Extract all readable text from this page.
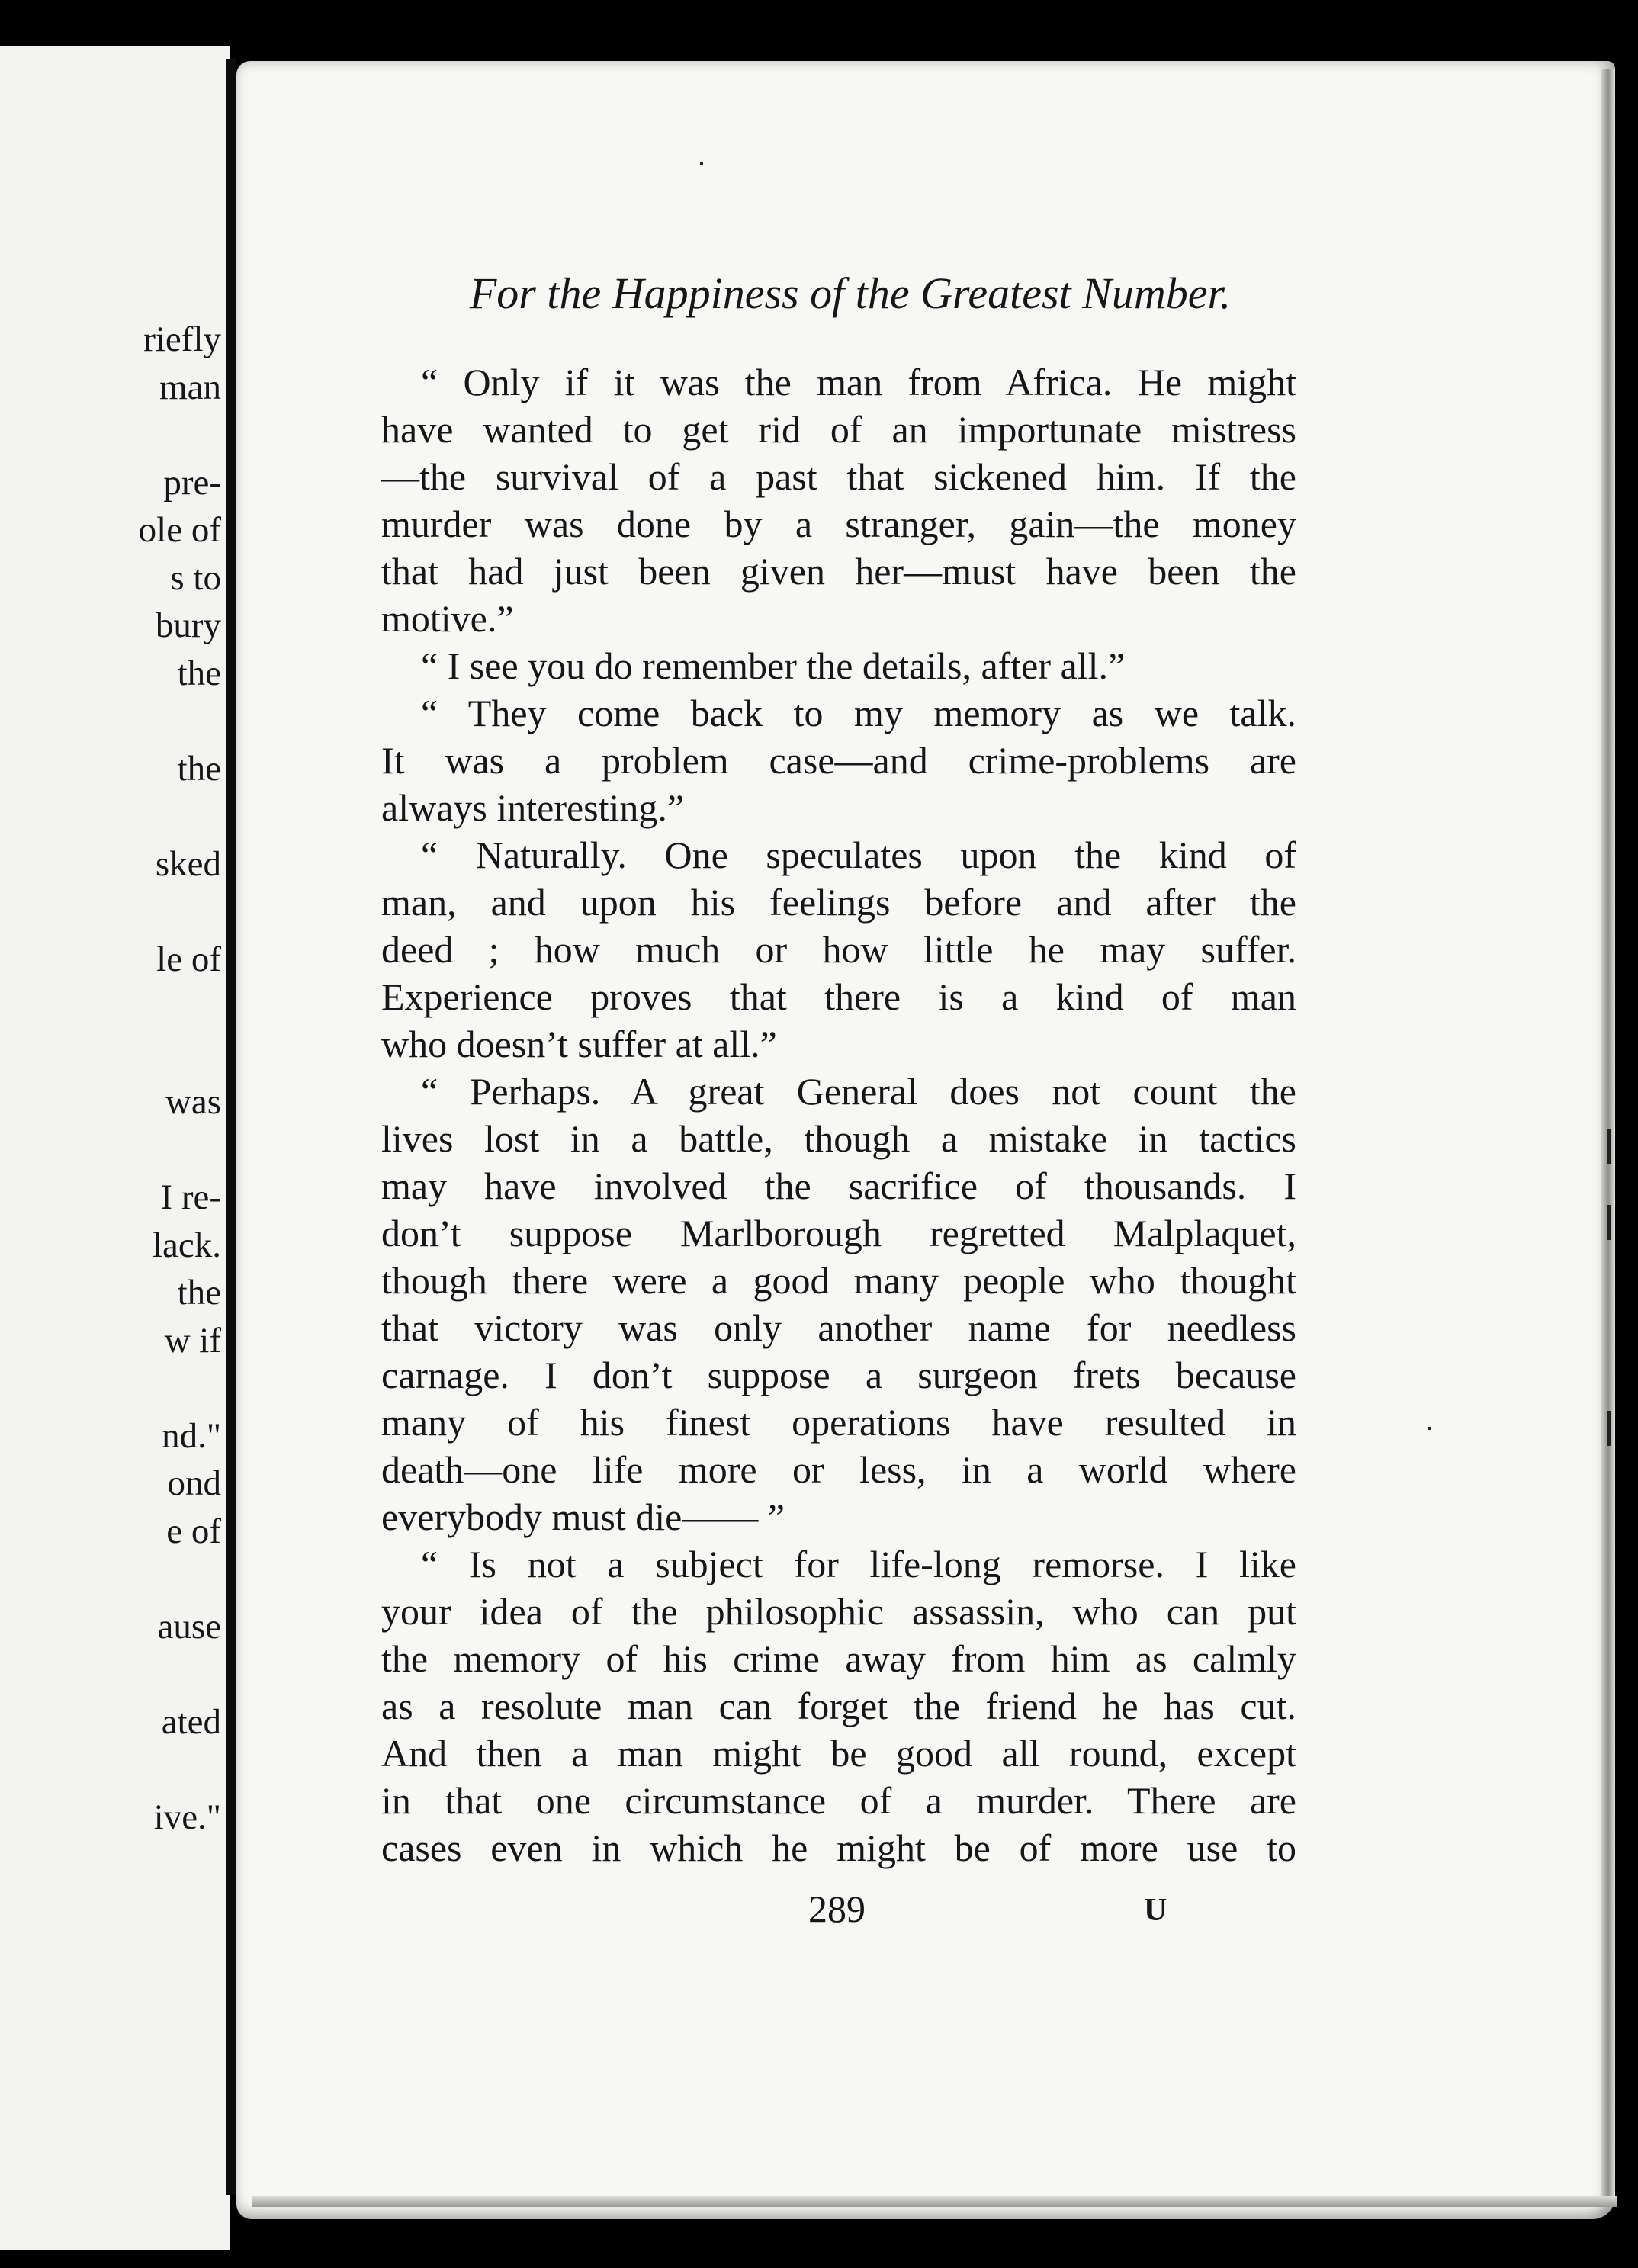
riefly
man
pre-
ole of
s to
bury
the
the
sked
le of
was
I re-
lack.
the
w if
nd."
ond
e of
ause
ated
ive."
For the Happiness of the Greatest Number.
“ Only if it was the man from Africa. He might
have wanted to get rid of an importunate mistress
—the survival of a past that sickened him. If the
murder was done by a stranger, gain—the money
that had just been given her—must have been the
motive.”
“ I see you do remember the details, after all.”
“ They come back to my memory as we talk.
It was a problem case—and crime-problems are
always interesting.”
“ Naturally. One speculates upon the kind of
man, and upon his feelings before and after the
deed ; how much or how little he may suffer.
Experience proves that there is a kind of man
who doesn’t suffer at all.”
“ Perhaps. A great General does not count the
lives lost in a battle, though a mistake in tactics
may have involved the sacrifice of thousands. I
don’t suppose Marlborough regretted Malplaquet,
though there were a good many people who thought
that victory was only another name for needless
carnage. I don’t suppose a surgeon frets because
many of his finest operations have resulted in
death—one life more or less, in a world where
everybody must die—— ”
“ Is not a subject for life-long remorse. I like
your idea of the philosophic assassin, who can put
the memory of his crime away from him as calmly
as a resolute man can forget the friend he has cut.
And then a man might be good all round, except
in that one circumstance of a murder. There are
cases even in which he might be of more use to
289	U
